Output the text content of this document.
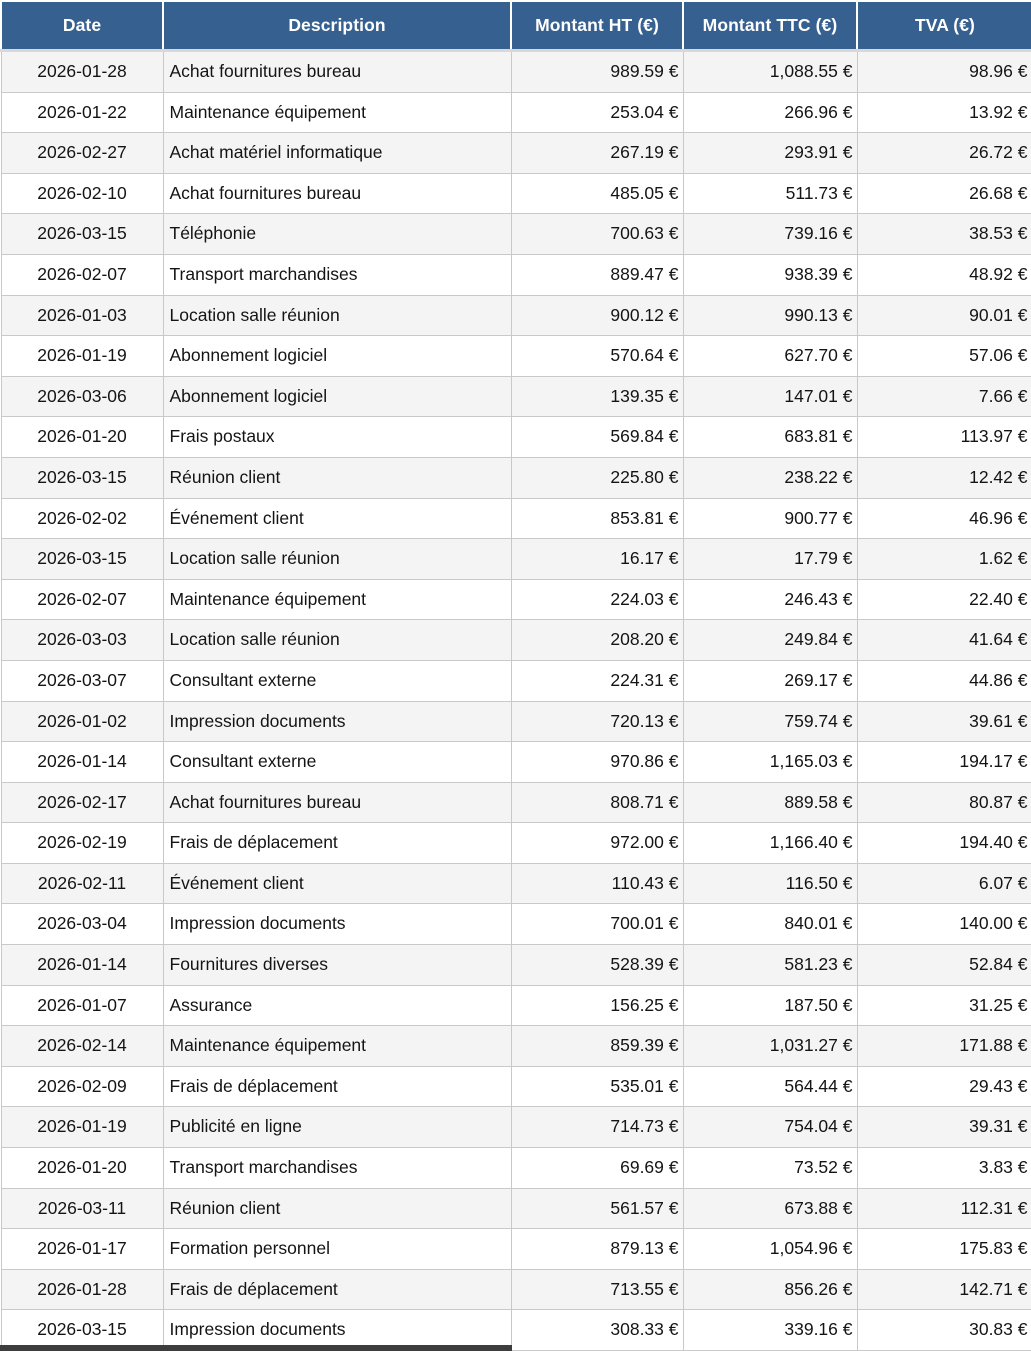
Date	Description	Montant HT (€)	Montant TTC (€)	TVA (€)
2026-01-28	Achat fournitures bureau	989.59 €	1,088.55 €	98.96 €
2026-01-22	Maintenance équipement	253.04 €	266.96 €	13.92 €
2026-02-27	Achat matériel informatique	267.19 €	293.91 €	26.72 €
2026-02-10	Achat fournitures bureau	485.05 €	511.73 €	26.68 €
2026-03-15	Téléphonie	700.63 €	739.16 €	38.53 €
2026-02-07	Transport marchandises	889.47 €	938.39 €	48.92 €
2026-01-03	Location salle réunion	900.12 €	990.13 €	90.01 €
2026-01-19	Abonnement logiciel	570.64 €	627.70 €	57.06 €
2026-03-06	Abonnement logiciel	139.35 €	147.01 €	7.66 €
2026-01-20	Frais postaux	569.84 €	683.81 €	113.97 €
2026-03-15	Réunion client	225.80 €	238.22 €	12.42 €
2026-02-02	Événement client	853.81 €	900.77 €	46.96 €
2026-03-15	Location salle réunion	16.17 €	17.79 €	1.62 €
2026-02-07	Maintenance équipement	224.03 €	246.43 €	22.40 €
2026-03-03	Location salle réunion	208.20 €	249.84 €	41.64 €
2026-03-07	Consultant externe	224.31 €	269.17 €	44.86 €
2026-01-02	Impression documents	720.13 €	759.74 €	39.61 €
2026-01-14	Consultant externe	970.86 €	1,165.03 €	194.17 €
2026-02-17	Achat fournitures bureau	808.71 €	889.58 €	80.87 €
2026-02-19	Frais de déplacement	972.00 €	1,166.40 €	194.40 €
2026-02-11	Événement client	110.43 €	116.50 €	6.07 €
2026-03-04	Impression documents	700.01 €	840.01 €	140.00 €
2026-01-14	Fournitures diverses	528.39 €	581.23 €	52.84 €
2026-01-07	Assurance	156.25 €	187.50 €	31.25 €
2026-02-14	Maintenance équipement	859.39 €	1,031.27 €	171.88 €
2026-02-09	Frais de déplacement	535.01 €	564.44 €	29.43 €
2026-01-19	Publicité en ligne	714.73 €	754.04 €	39.31 €
2026-01-20	Transport marchandises	69.69 €	73.52 €	3.83 €
2026-03-11	Réunion client	561.57 €	673.88 €	112.31 €
2026-01-17	Formation personnel	879.13 €	1,054.96 €	175.83 €
2026-01-28	Frais de déplacement	713.55 €	856.26 €	142.71 €
2026-03-15	Impression documents	308.33 €	339.16 €	30.83 €
